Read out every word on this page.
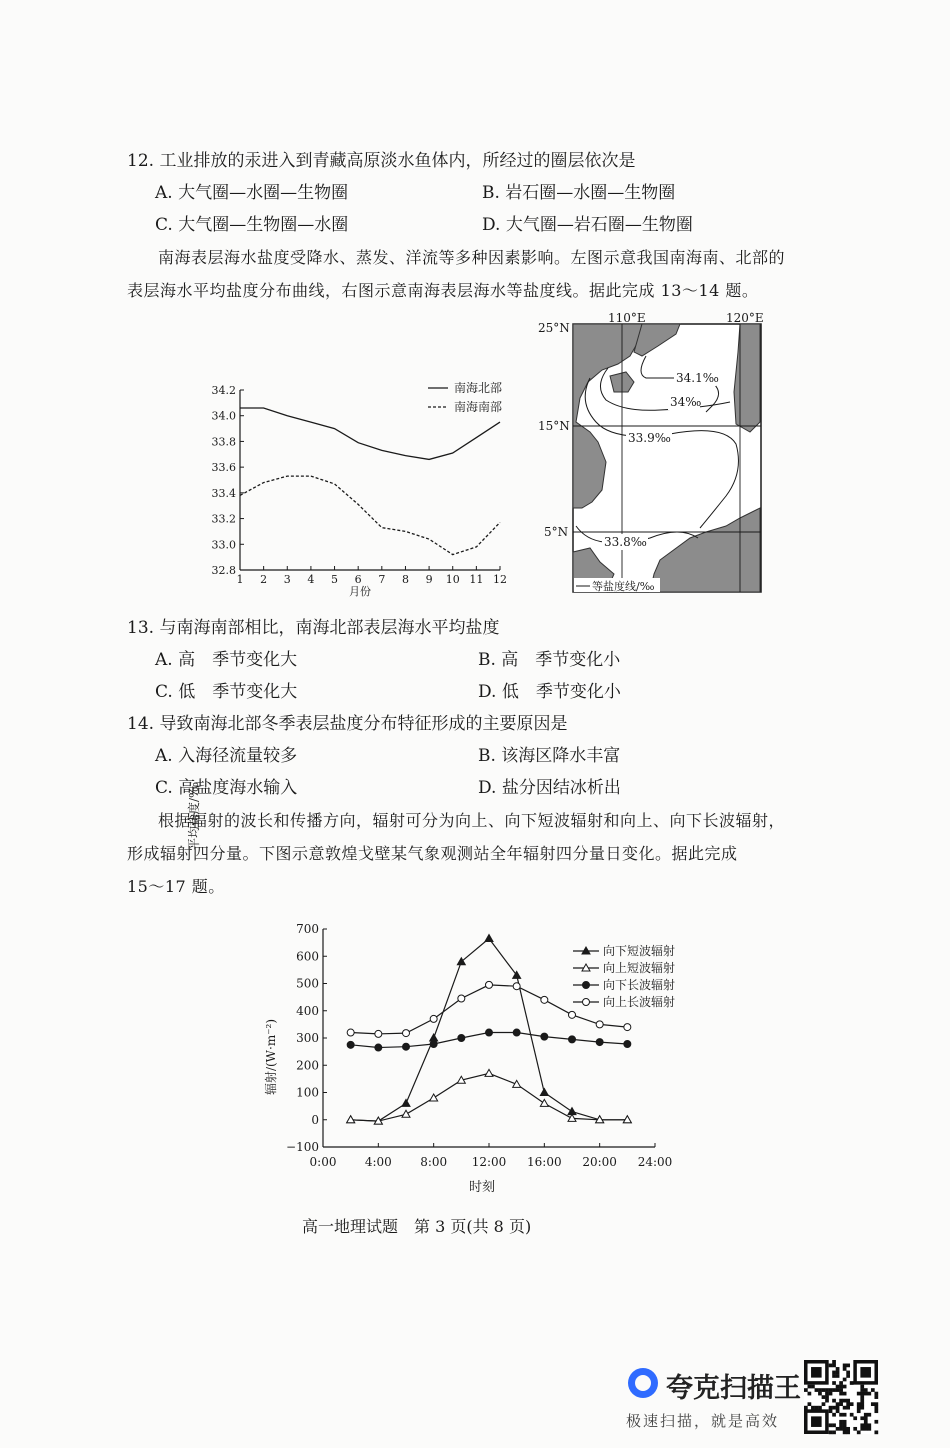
12. 工业排放的汞进入到青藏高原淡水鱼体内，所经过的圈层依次是
A. 大气圈—水圈—生物圈	B. 岩石圈—水圈—生物圈
C. 大气圈—生物圈—水圈	D. 大气圈—岩石圈—生物圈
南海表层海水盐度受降水、蒸发、洋流等多种因素影响。左图示意我国南海南、北部的
表层海水平均盐度分布曲线，右图示意南海表层海水等盐度线。据此完成 13～14 题。
32.8
33.0
33.2
33.4
33.6
33.8
34.0
34.2
1 2 3 4 5 6 7 8 9 10 11 12
平均盐度/‰
月份
南海北部
南海南部
110°E	120°E
25°N
15°N
5°N
34.1‰
34‰
33.9‰
33.8‰
等盐度线/‰
13. 与南海南部相比，南海北部表层海水平均盐度
A. 高　季节变化大	B. 高　季节变化小
C. 低　季节变化大	D. 低　季节变化小
14. 导致南海北部冬季表层盐度分布特征形成的主要原因是
A. 入海径流量较多	B. 该海区降水丰富
C. 高盐度海水输入	D. 盐分因结冰析出
根据辐射的波长和传播方向，辐射可分为向上、向下短波辐射和向上、向下长波辐射，
形成辐射四分量。下图示意敦煌戈壁某气象观测站全年辐射四分量日变化。据此完成
15～17 题。
−100
0
100
200
300
400
500
600
700
0:00 4:00 8:00 12:00 16:00 20:00 24:00
辐射/(W·m⁻²)
时刻
向下短波辐射
向上短波辐射
向下长波辐射
向上长波辐射
高一地理试题　第 3 页(共 8 页)
夸克扫描王
极速扫描，就是高效
